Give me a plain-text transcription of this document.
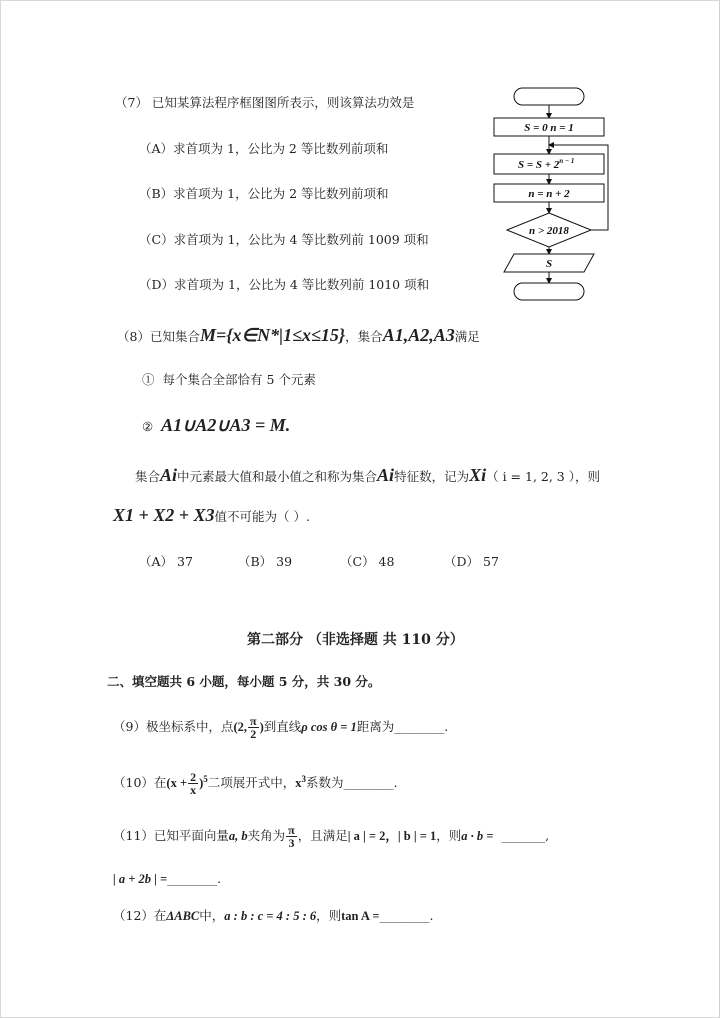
（7） 已知某算法程序框图图所表示，则该算法功效是
（A）求首项为 1，公比为 2 等比数列前项和
（B）求首项为 1，公比为 2 等比数列前项和
（C）求首项为 1，公比为 4 等比数列前 1009 项和
（D）求首项为 1，公比为 4 等比数列前 1010 项和
S = 0 n = 1
$S = S + 2^{n - 1}$
n = n + 2
n > 2018
S
（8）已知集合M={x∈N*|1≤x≤15}，集合A1,A2,A3满足
① 每个集合全部恰有 5 个元素
② A1∪A2∪A3 = M.
集合Ai中元素最大值和最小值之和称为集合Ai特征数，记为Xi（ i = 1, 2, 3 ），则
X1 + X2 + X3值不可能为（ ）.
（A） 37	（B） 39	（C） 48	（D） 57
第二部分 （非选择题 共 110 分）
二、填空题共 6 小题，每小题 5 分，共 30 分。
（9）极坐标系中，点(2, $\frac{\pi}{2}$ )到直线ρ cos θ = 1距离为________.
（10）在$(x + \frac{2}{x} )^5$二项展开式中，$x^3$系数为________.
（11）已知平面向量a, b夹角为 $\frac{\pi}{3}$ ，且满足| a | = 2，| b | = 1，则a · b = _______,
| a + 2b | =________.
（12）在ΔABC中，a : b : c = 4 : 5 : 6，则tan A =________.
